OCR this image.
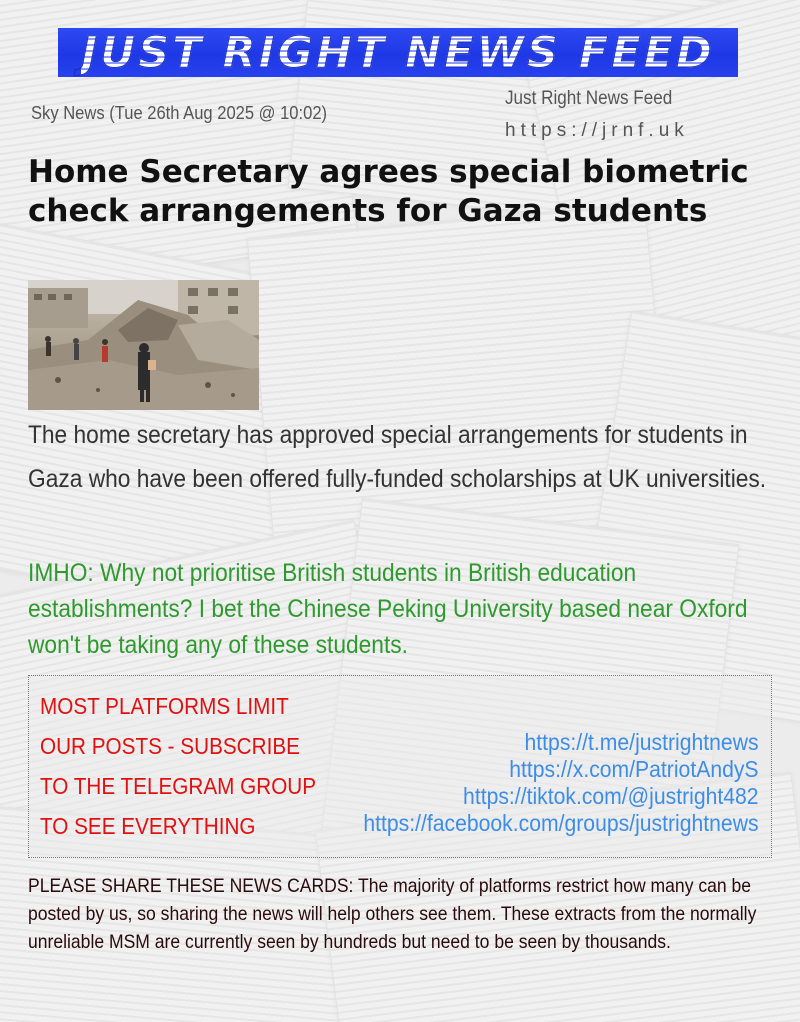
JUST RIGHT NEWS FEED
Sky News (Tue 26th Aug 2025 @ 10:02)
Just Right News Feed
https://jrnf.uk
Home Secretary agrees special biometric check arrangements for Gaza students
The home secretary has approved special arrangements for students in Gaza who have been offered fully-funded scholarships at UK universities.
IMHO: Why not prioritise British students in British education establishments? I bet the Chinese Peking University based near Oxford won't be taking any of these students.
MOST PLATFORMS LIMIT
OUR POSTS - SUBSCRIBE
TO THE TELEGRAM GROUP
TO SEE EVERYTHING
https://t.me/justrightnews
https://x.com/PatriotAndyS
https://tiktok.com/@justright482
https://facebook.com/groups/justrightnews
PLEASE SHARE THESE NEWS CARDS: The majority of platforms restrict how many can be posted by us, so sharing the news will help others see them. These extracts from the normally unreliable MSM are currently seen by hundreds but need to be seen by thousands.
